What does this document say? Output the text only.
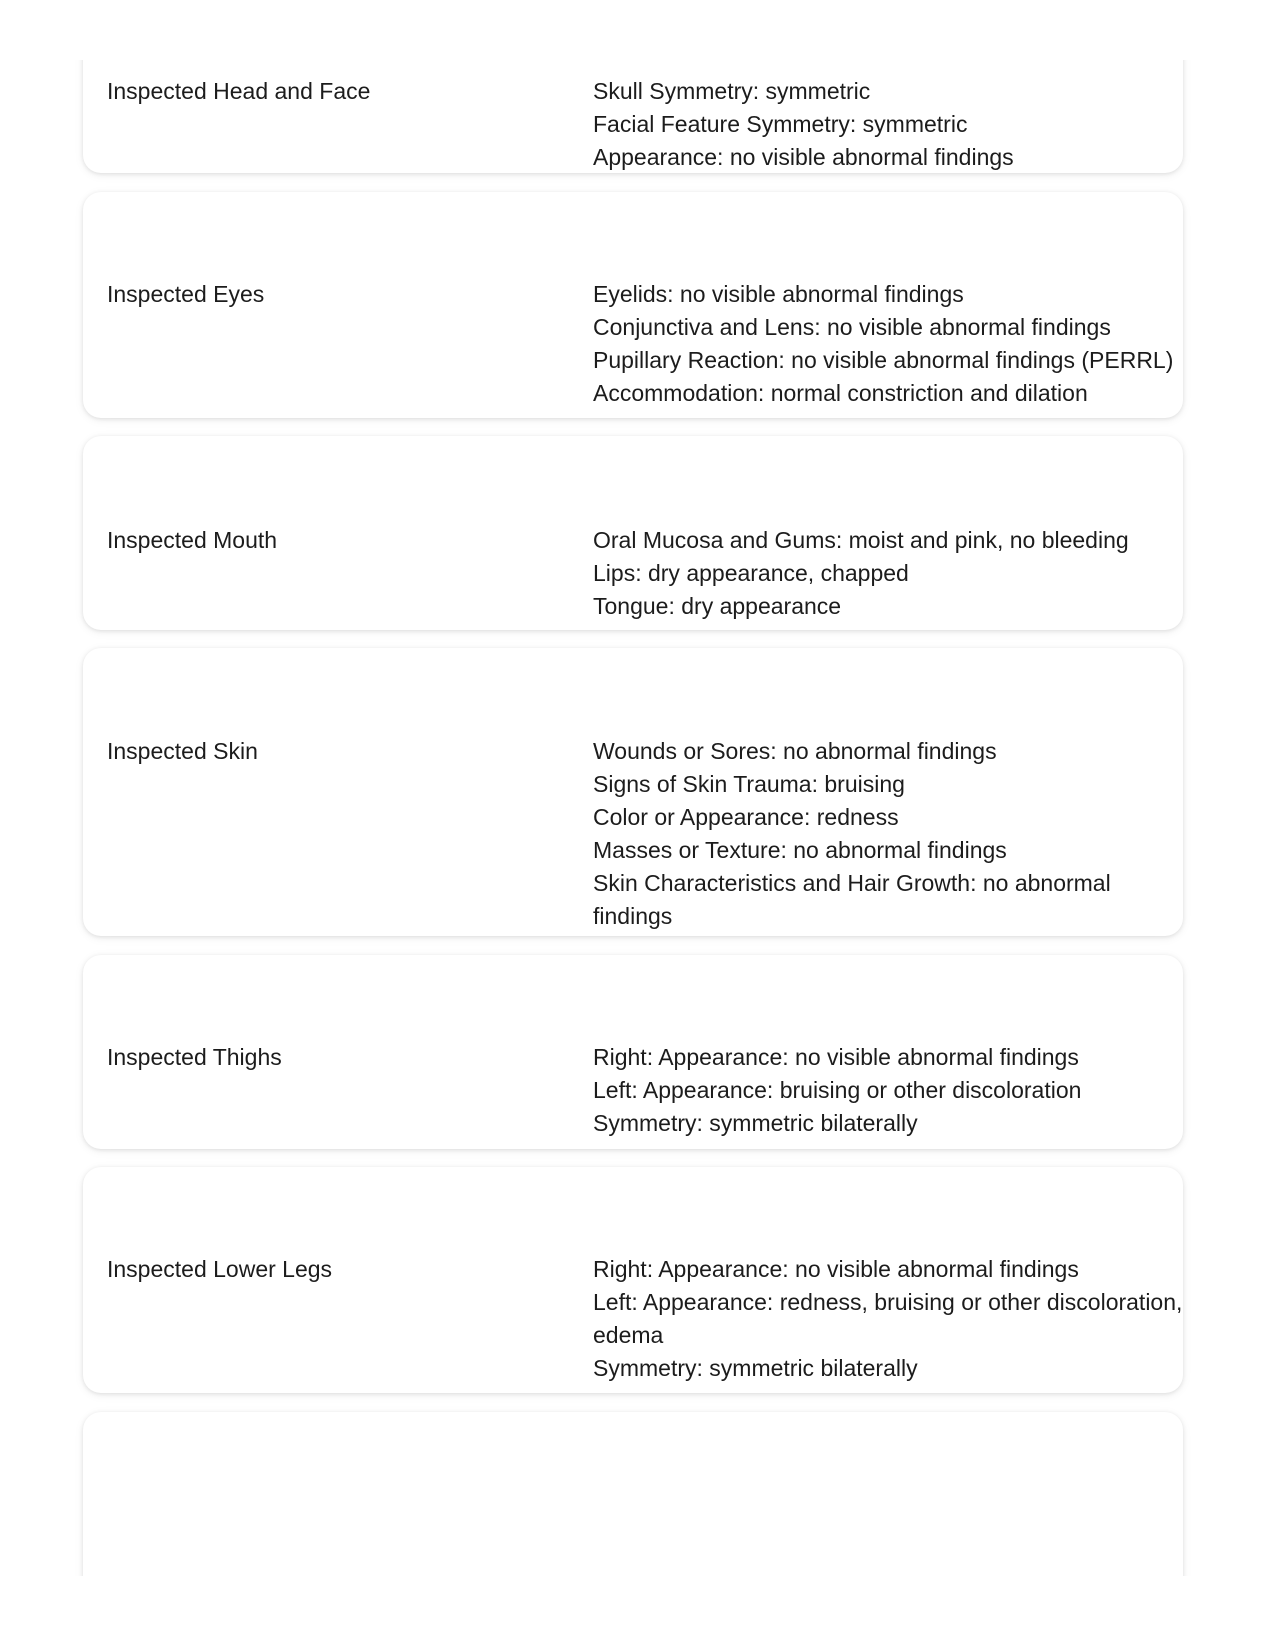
Inspected Head and Face	Skull Symmetry: symmetric
Facial Feature Symmetry: symmetric
Appearance: no visible abnormal findings
Inspected Eyes	Eyelids: no visible abnormal findings
Conjunctiva and Lens: no visible abnormal findings
Pupillary Reaction: no visible abnormal findings (PERRL)
Accommodation: normal constriction and dilation
Inspected Mouth	Oral Mucosa and Gums: moist and pink, no bleeding
Lips: dry appearance, chapped
Tongue: dry appearance
Inspected Skin	Wounds or Sores: no abnormal findings
Signs of Skin Trauma: bruising
Color or Appearance: redness
Masses or Texture: no abnormal findings
Skin Characteristics and Hair Growth: no abnormal findings
Inspected Thighs	Right: Appearance: no visible abnormal findings
Left: Appearance: bruising or other discoloration
Symmetry: symmetric bilaterally
Inspected Lower Legs	Right: Appearance: no visible abnormal findings
Left: Appearance: redness, bruising or other discoloration, edema
Symmetry: symmetric bilaterally
